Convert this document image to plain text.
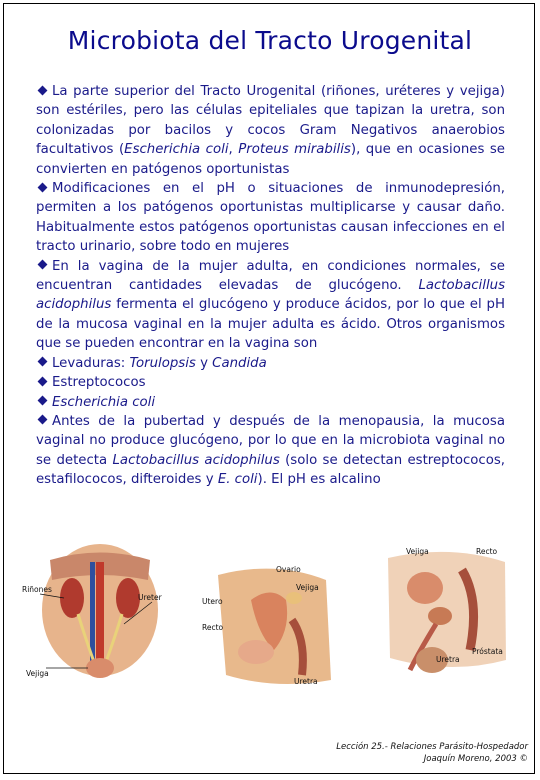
Microbiota del Tracto Urogenital

La parte superior del Tracto Urogenital (riñones, uréteres y vejiga) son estériles, pero las células epiteliales que tapizan la uretra, son colonizadas por bacilos y cocos Gram Negativos anaerobios facultativos (Escherichia coli, Proteus mirabilis), que en ocasiones se convierten en patógenos oportunistas

Modificaciones en el pH o situaciones de inmunodepresión, permiten a los patógenos oportunistas multiplicarse y causar daño. Habitualmente estos patógenos oportunistas causan infecciones en el tracto urinario, sobre todo en mujeres

En la vagina de la mujer adulta, en condiciones normales, se encuentran cantidades elevadas de glucógeno. Lactobacillus acidophilus fermenta el glucógeno y produce ácidos, por lo que el pH de la mucosa vaginal en la mujer adulta es ácido. Otros organismos que se pueden encontrar en la vagina son

Levaduras: Torulopsis y Candida

Estreptococos

Escherichia coli

Antes de la pubertad y después de la menopausia, la mucosa vaginal no produce glucógeno, por lo que en la microbiota vaginal no se detecta Lactobacillus acidophilus (solo se detectan estreptococos, estafilococos, difteroides y E. coli). El pH es alcalino

Riñones
Ureter
Vejiga
Ovario
Utero
Vejiga
Recto
Uretra
Vejiga	Recto
Uretra
Próstata
Lección 25.- Relaciones Parásito-Hospedador
Joaquín Moreno, 2003 ©
